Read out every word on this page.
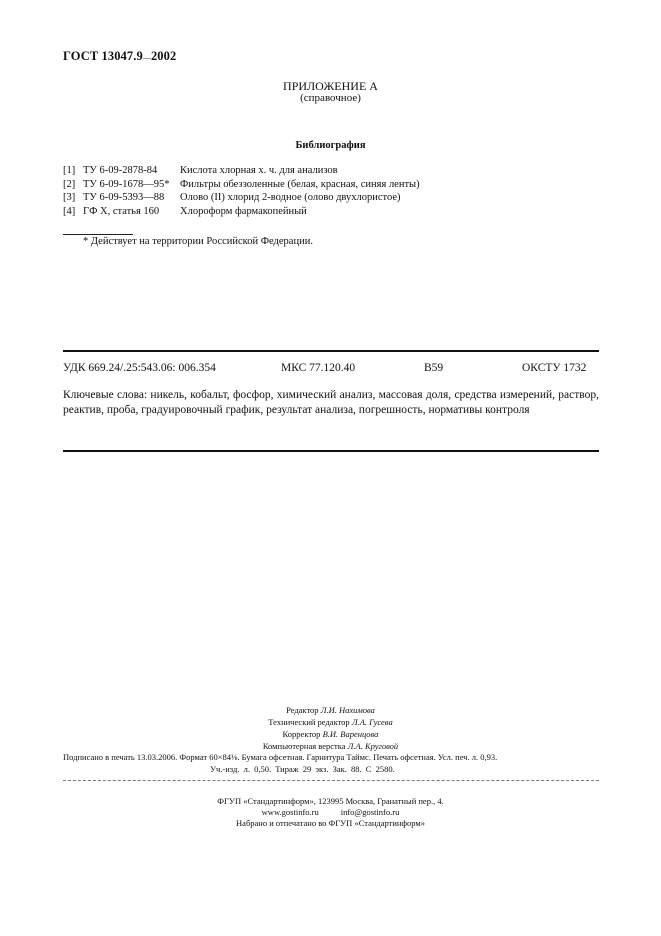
ГОСТ 13047.9—2002
ПРИЛОЖЕНИЕ А
(справочное)
Библиография
[1] ТУ 6-09-2878-84	Кислота хлорная х. ч. для анализов
[2] ТУ 6-09-1678—95*	Фильтры обеззоленные (белая, красная, синяя ленты)
[3] ТУ 6-09-5393—88	Олово (II) хлорид 2-водное (олово двухлористое)
[4] ГФ X, статья 160	Хлороформ фармакопейный
* Действует на территории Российской Федерации.
УДК 669.24/.25:543.06: 006.354	МКС 77.120.40	В59	ОКСТУ 1732
Ключевые слова: никель, кобальт, фосфор, химический анализ, массовая доля, средства измерений, раствор, реактив, проба, градуировочный график, результат анализа, погрешность, нормативы контроля
Редактор Л.И. Нахимова
Технический редактор Л.А. Гусева
Корректор В.И. Варенцова
Компьютерная верстка Л.А. Круговой
Подписано в печать 13.03.2006. Формат 60×84⅛. Бумага офсетная. Гарнитура Таймс. Печать офсетная. Усл. печ. л. 0,93.
Уч.-изд. л. 0,50. Тираж 29 экз. Зак. 88. С 2580.
ФГУП «Стандартинформ», 123995 Москва, Гранатный пер., 4.
www.gostinfo.ru	info@gostinfo.ru
Набрано и отпечатано во ФГУП «Стандартинформ»
